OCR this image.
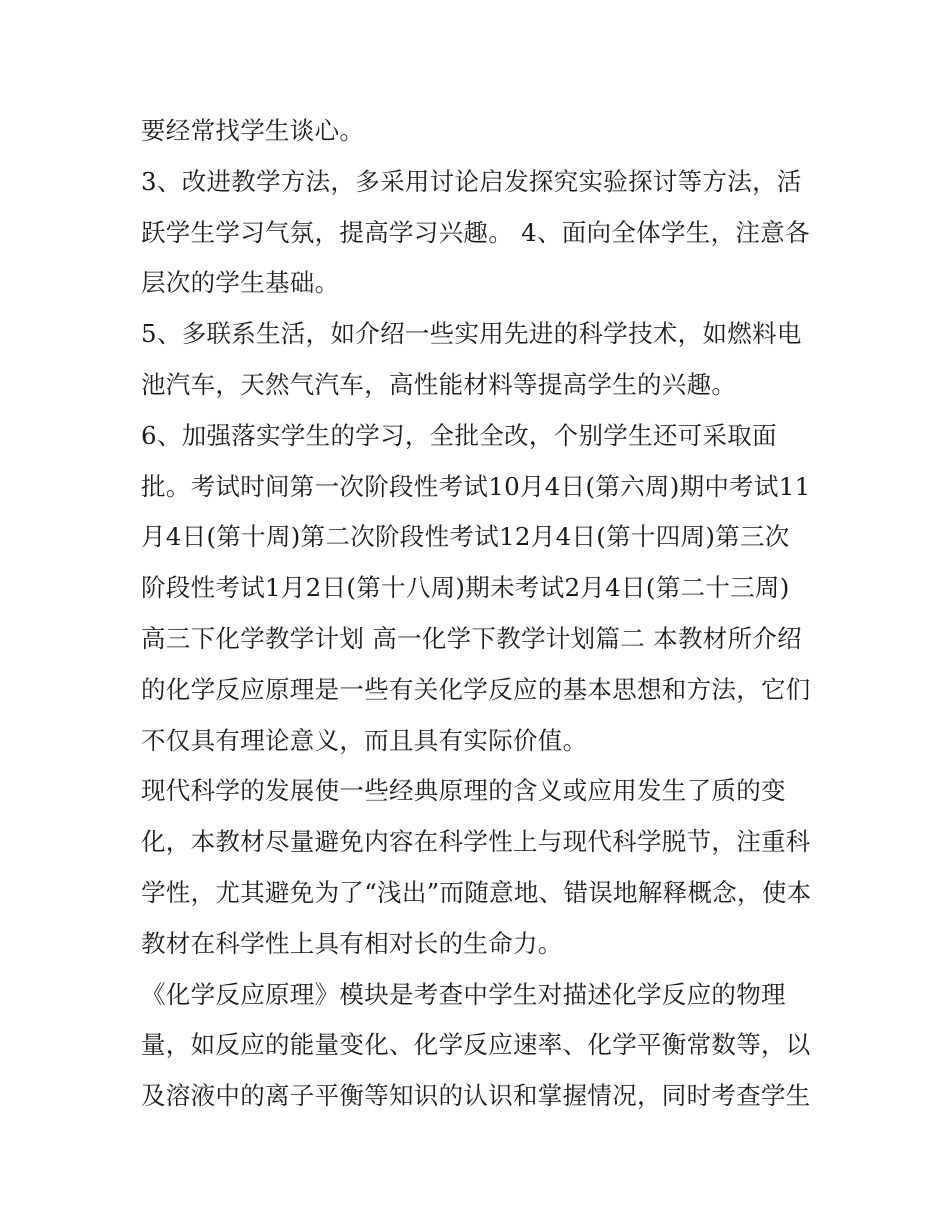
要经常找学生谈心。
3、改进教学方法，多采用讨论启发探究实验探讨等方法，活
跃学生学习气氛，提高学习兴趣。 4、面向全体学生，注意各
层次的学生基础。
5、多联系生活，如介绍一些实用先进的科学技术，如燃料电
池汽车，天然气汽车，高性能材料等提高学生的兴趣。
6、加强落实学生的学习，全批全改，个别学生还可采取面
批。考试时间第一次阶段性考试10月4日(第六周)期中考试11
月4日(第十周)第二次阶段性考试12月4日(第十四周)第三次
阶段性考试1月2日(第十八周)期未考试2月4日(第二十三周)
高三下化学教学计划 高一化学下教学计划篇二 本教材所介绍
的化学反应原理是一些有关化学反应的基本思想和方法，它们
不仅具有理论意义，而且具有实际价值。
现代科学的发展使一些经典原理的含义或应用发生了质的变
化，本教材尽量避免内容在科学性上与现代科学脱节，注重科
学性，尤其避免为了“浅出”而随意地、错误地解释概念，使本
教材在科学性上具有相对长的生命力。
《化学反应原理》模块是考查中学生对描述化学反应的物理
量，如反应的能量变化、化学反应速率、化学平衡常数等，以
及溶液中的离子平衡等知识的认识和掌握情况，同时考查学生
